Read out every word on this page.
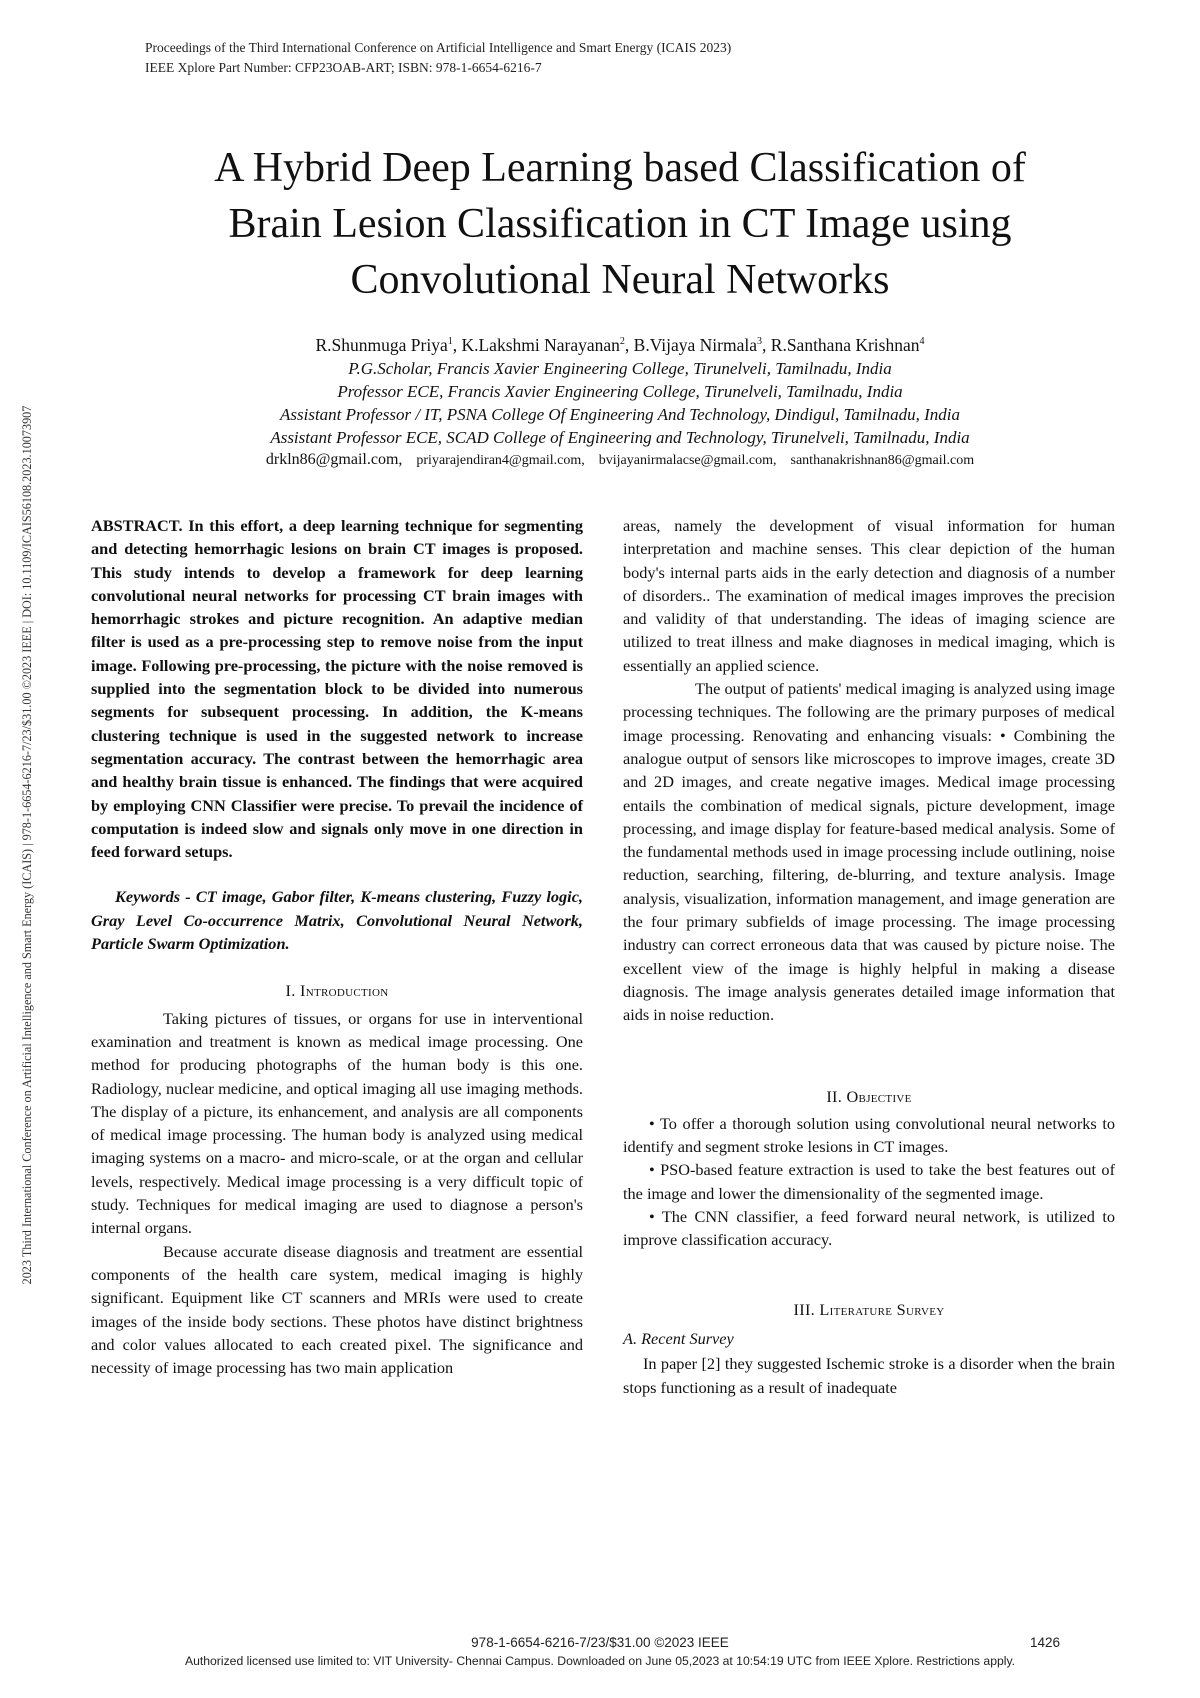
Proceedings of the Third International Conference on Artificial Intelligence and Smart Energy (ICAIS 2023)
IEEE Xplore Part Number: CFP23OAB-ART; ISBN: 978-1-6654-6216-7
2023 Third International Conference on Artificial Intelligence and Smart Energy (ICAIS) | 978-1-6654-6216-7/23/$31.00 ©2023 IEEE | DOI: 10.1109/ICAIS56108.2023.10073907
A Hybrid Deep Learning based Classification of
Brain Lesion Classification in CT Image using
Convolutional Neural Networks
R.Shunmuga Priya$^1$, K.Lakshmi Narayanan$^2$, B.Vijaya Nirmala$^3$, R.Santhana Krishnan$^4$
P.G.Scholar, Francis Xavier Engineering College, Tirunelveli, Tamilnadu, India
Professor ECE, Francis Xavier Engineering College, Tirunelveli, Tamilnadu, India
Assistant Professor / IT, PSNA College Of Engineering And Technology, Dindigul, Tamilnadu, India
Assistant Professor ECE, SCAD College of Engineering and Technology, Tirunelveli, Tamilnadu, India
drkln86@gmail.com, priyarajendiran4@gmail.com, bvijayanirmalacse@gmail.com, santhanakrishnan86@gmail.com

ABSTRACT. In this effort, a deep learning technique for segmenting and detecting hemorrhagic lesions on brain CT images is proposed. This study intends to develop a framework for deep learning convolutional neural networks for processing CT brain images with hemorrhagic strokes and picture recognition. An adaptive median filter is used as a pre-processing step to remove noise from the input image. Following pre-processing, the picture with the noise removed is supplied into the segmentation block to be divided into numerous segments for subsequent processing. In addition, the K-means clustering technique is used in the suggested network to increase segmentation accuracy. The contrast between the hemorrhagic area and healthy brain tissue is enhanced. The findings that were acquired by employing CNN Classifier were precise. To prevail the incidence of computation is indeed slow and signals only move in one direction in feed forward setups.

Keywords - CT image, Gabor filter, K-means clustering, Fuzzy logic, Gray Level Co-occurrence Matrix, Convolutional Neural Network, Particle Swarm Optimization.

I. Introduction

Taking pictures of tissues, or organs for use in interventional examination and treatment is known as medical image processing. One method for producing photographs of the human body is this one. Radiology, nuclear medicine, and optical imaging all use imaging methods. The display of a picture, its enhancement, and analysis are all components of medical image processing. The human body is analyzed using medical imaging systems on a macro- and micro-scale, or at the organ and cellular levels, respectively. Medical image processing is a very difficult topic of study. Techniques for medical imaging are used to diagnose a person's internal organs.

Because accurate disease diagnosis and treatment are essential components of the health care system, medical imaging is highly significant. Equipment like CT scanners and MRIs were used to create images of the inside body sections. These photos have distinct brightness and color values allocated to each created pixel. The significance and necessity of image processing has two main application

areas, namely the development of visual information for human interpretation and machine senses. This clear depiction of the human body's internal parts aids in the early detection and diagnosis of a number of disorders.. The examination of medical images improves the precision and validity of that understanding. The ideas of imaging science are utilized to treat illness and make diagnoses in medical imaging, which is essentially an applied science.

The output of patients' medical imaging is analyzed using image processing techniques. The following are the primary purposes of medical image processing. Renovating and enhancing visuals: • Combining the analogue output of sensors like microscopes to improve images, create 3D and 2D images, and create negative images. Medical image processing entails the combination of medical signals, picture development, image processing, and image display for feature-based medical analysis. Some of the fundamental methods used in image processing include outlining, noise reduction, searching, filtering, de-blurring, and texture analysis. Image analysis, visualization, information management, and image generation are the four primary subfields of image processing. The image processing industry can correct erroneous data that was caused by picture noise. The excellent view of the image is highly helpful in making a disease diagnosis. The image analysis generates detailed image information that aids in noise reduction.

II. Objective

• To offer a thorough solution using convolutional neural networks to identify and segment stroke lesions in CT images.

• PSO-based feature extraction is used to take the best features out of the image and lower the dimensionality of the segmented image.

• The CNN classifier, a feed forward neural network, is utilized to improve classification accuracy.

III. Literature Survey
A. Recent Survey

In paper [2] they suggested Ischemic stroke is a disorder when the brain stops functioning as a result of inadequate

978-1-6654-6216-7/23/$31.00 ©2023 IEEE	1426
Authorized licensed use limited to: VIT University- Chennai Campus. Downloaded on June 05,2023 at 10:54:19 UTC from IEEE Xplore. Restrictions apply.
